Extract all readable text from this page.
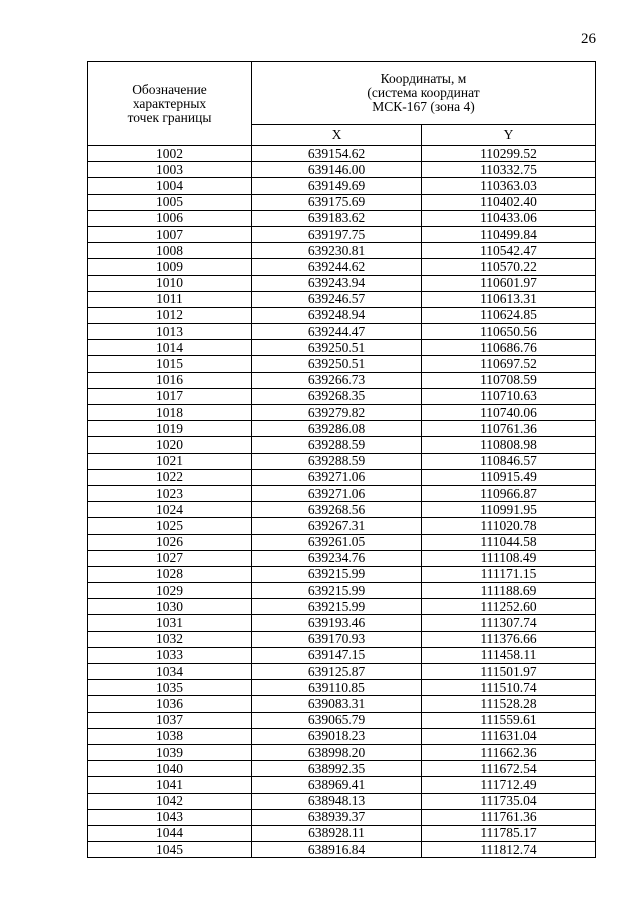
26
Обозначение
характерных
точек границы	Координаты, м
(система координат
МСК-167 (зона 4)	
	X	Y
1002	639154.62	110299.52
1003	639146.00	110332.75
1004	639149.69	110363.03
1005	639175.69	110402.40
1006	639183.62	110433.06
1007	639197.75	110499.84
1008	639230.81	110542.47
1009	639244.62	110570.22
1010	639243.94	110601.97
1011	639246.57	110613.31
1012	639248.94	110624.85
1013	639244.47	110650.56
1014	639250.51	110686.76
1015	639250.51	110697.52
1016	639266.73	110708.59
1017	639268.35	110710.63
1018	639279.82	110740.06
1019	639286.08	110761.36
1020	639288.59	110808.98
1021	639288.59	110846.57
1022	639271.06	110915.49
1023	639271.06	110966.87
1024	639268.56	110991.95
1025	639267.31	111020.78
1026	639261.05	111044.58
1027	639234.76	111108.49
1028	639215.99	111171.15
1029	639215.99	111188.69
1030	639215.99	111252.60
1031	639193.46	111307.74
1032	639170.93	111376.66
1033	639147.15	111458.11
1034	639125.87	111501.97
1035	639110.85	111510.74
1036	639083.31	111528.28
1037	639065.79	111559.61
1038	639018.23	111631.04
1039	638998.20	111662.36
1040	638992.35	111672.54
1041	638969.41	111712.49
1042	638948.13	111735.04
1043	638939.37	111761.36
1044	638928.11	111785.17
1045	638916.84	111812.74
